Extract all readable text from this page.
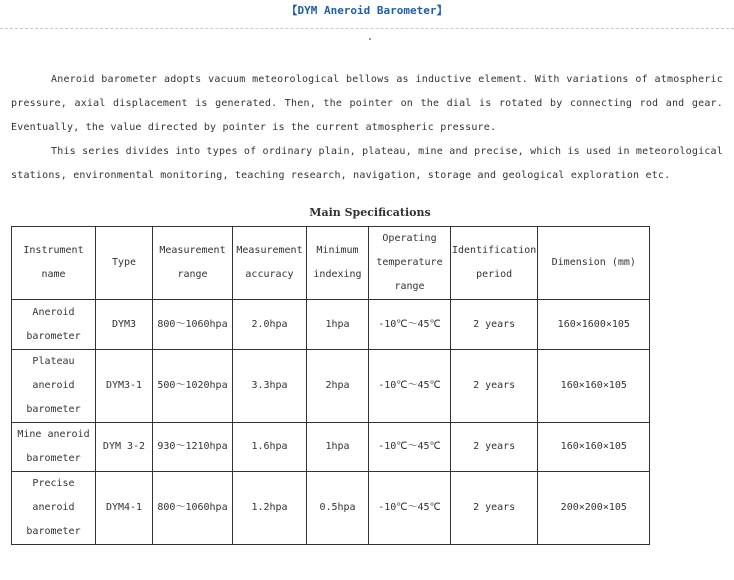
【DYM Aneroid Barometer】

Aneroid barometer adopts vacuum meteorological bellows as inductive element. With variations of atmospheric pressure, axial displacement is generated. Then, the pointer on the dial is rotated by connecting rod and gear. Eventually, the value directed by pointer is the current atmospheric pressure.

This series divides into types of ordinary plain, plateau, mine and precise, which is used in meteorological stations, environmental monitoring, teaching research, navigation, storage and geological exploration etc.

Main Specifications
Instrument name	Type	Measurement range	Measurement accuracy	Minimum indexing	Operating temperature range	Identification period	Dimension (mm)
Aneroid barometer	DYM3	800～1060hpa	2.0hpa	1hpa	-10℃～45℃	2 years	160×1600×105
Plateau aneroid barometer	DYM3-1	500～1020hpa	3.3hpa	2hpa	-10℃～45℃	2 years	160×160×105
Mine aneroid barometer	DYM 3-2	930～1210hpa	1.6hpa	1hpa	-10℃～45℃	2 years	160×160×105
Precise aneroid barometer	DYM4-1	800～1060hpa	1.2hpa	0.5hpa	-10℃～45℃	2 years	200×200×105
